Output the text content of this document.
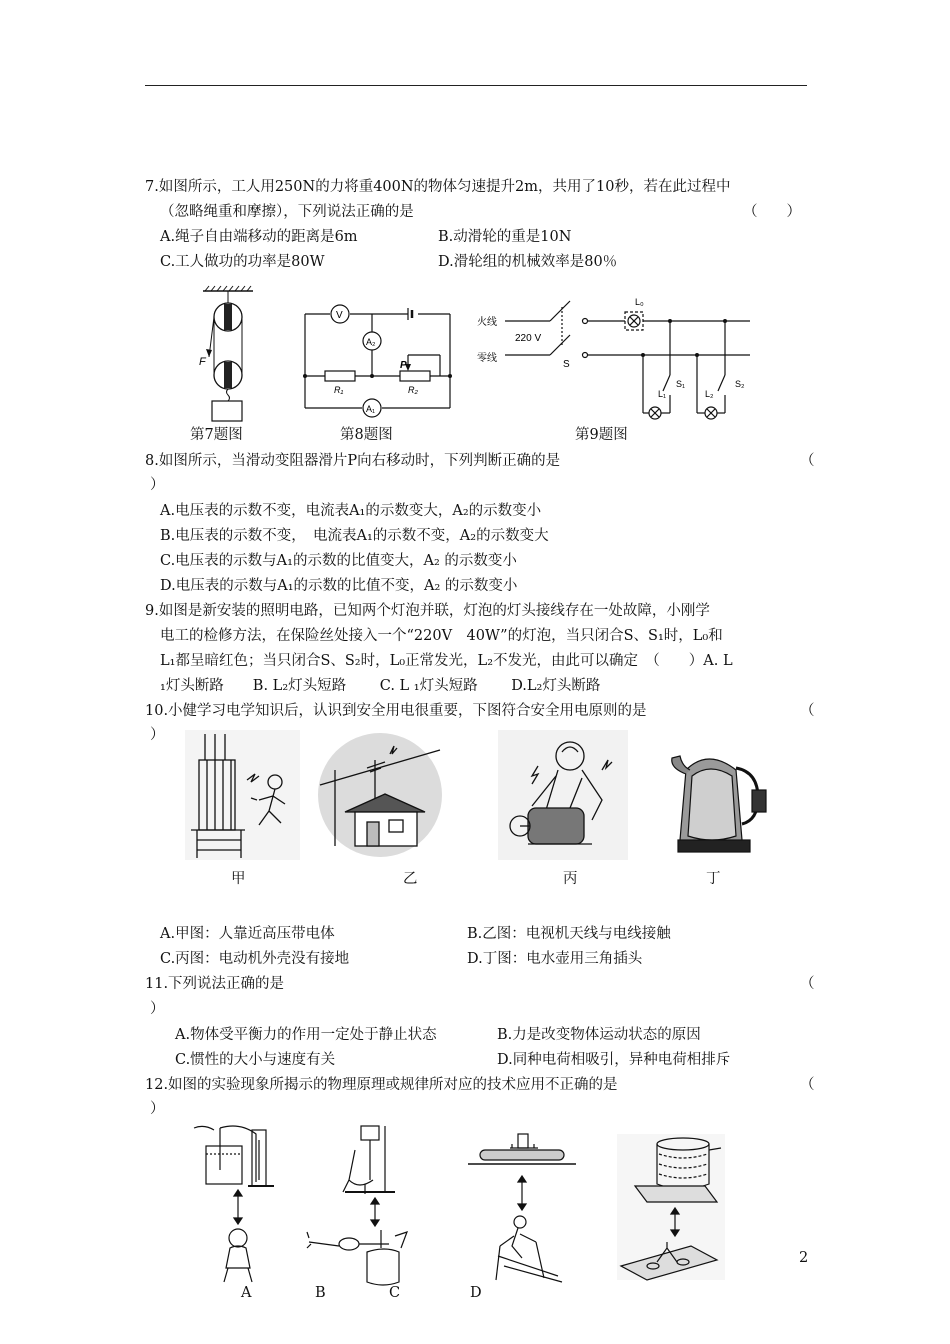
7.如图所示，工人用250N的力将重400N的物体匀速提升2m，共用了10秒，若在此过程中
（忽略绳重和摩擦），下列说法正确的是	（　　）
A.绳子自由端移动的距离是6m	B.动滑轮的重是10N
C.工人做功的功率是80W	D.滑轮组的机械效率是80％
F
V
A₂
A₁
R₁	R₂
P
火线
零线
220 V
S
L₀
L₁
S₁
L₂
S₂
第7题图	第8题图	第9题图
8.如图所示，当滑动变阻器滑片P向右移动时，下列判断正确的是	（
）
A.电压表的示数不变，电流表A₁的示数变大，A₂的示数变小
B.电压表的示数不变，　电流表A₁的示数不变，A₂的示数变大
C.电压表的示数与A₁的示数的比值变大，A₂ 的示数变小
D.电压表的示数与A₁的示数的比值不变，A₂ 的示数变小
9.如图是新安装的照明电路，已知两个灯泡并联，灯泡的灯头接线存在一处故障，小刚学
电工的检修方法，在保险丝处接入一个“220V　40W”的灯泡，当只闭合S、S₁时，L₀和
L₁都呈暗红色；当只闭合S、S₂时，L₀正常发光，L₂不发光，由此可以确定　（　　）A. L
₁灯头断路　　B. L₂灯头短路　　 C. L ₁灯头短路　　 D.L₂灯头断路
10.小健学习电学知识后，认识到安全用电很重要，下图符合安全用电原则的是	（
）
甲	乙	丙	丁
A.甲图：人靠近高压带电体	B.乙图：电视机天线与电线接触
C.丙图：电动机外壳没有接地	D.丁图：电水壶用三角插头
11.下列说法正确的是	（
）
A.物体受平衡力的作用一定处于静止状态	B.力是改变物体运动状态的原因
C.惯性的大小与速度有关	D.同种电荷相吸引，异种电荷相排斥
12.如图的实验现象所揭示的物理原理或规律所对应的技术应用不正确的是	（
）
A	B	C	D
2
